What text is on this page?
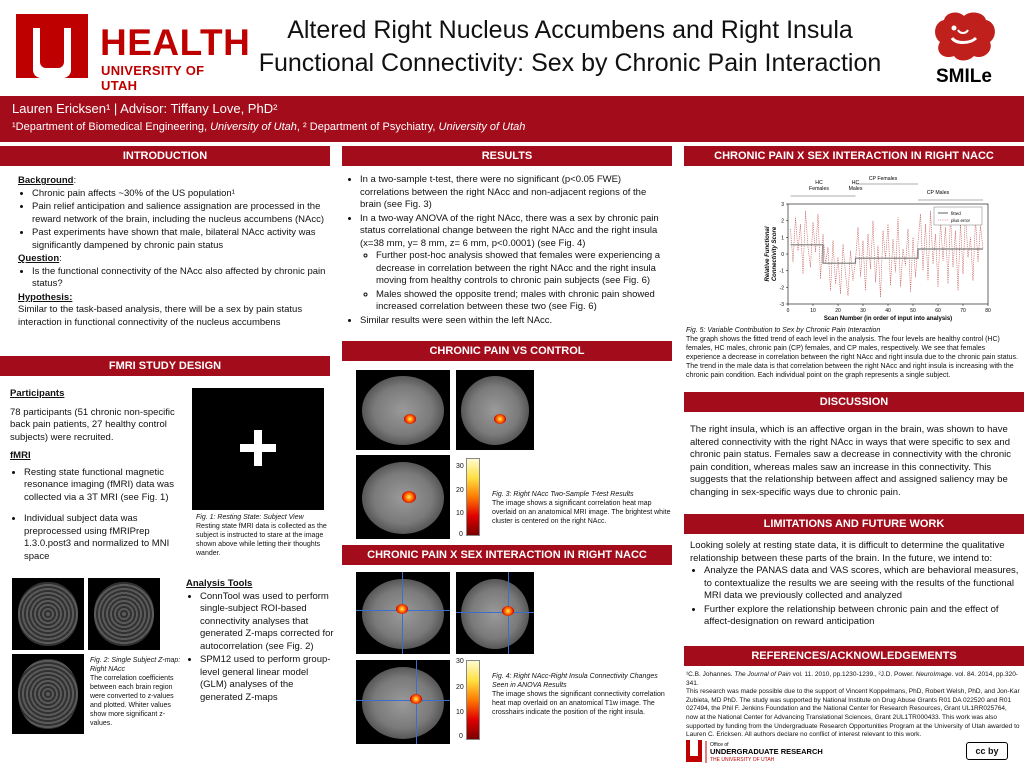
HEALTH
UNIVERSITY OF UTAH
Altered Right Nucleus Accumbens and Right Insula
Functional Connectivity: Sex by Chronic Pain Interaction	SMILe
Lauren Ericksen¹ | Advisor: Tiffany Love, PhD²
¹Department of Biomedical Engineering, University of Utah, ² Department of Psychiatry, University of Utah
INTRODUCTION	RESULTS	CHRONIC PAIN X SEX INTERACTION IN RIGHT NACC
FMRI STUDY DESIGN
CHRONIC PAIN VS CONTROL
DISCUSSION
CHRONIC PAIN X SEX INTERACTION IN RIGHT NACC
LIMITATIONS AND FUTURE WORK
REFERENCES/ACKNOWLEDGEMENTS
Background:
• Chronic pain affects ~30% of the US population¹
• Pain relief anticipation and salience assignation are processed in the reward network of the brain, including the nucleus accumbens (NAcc)
• Past experiments have shown that male, bilateral NAcc activity was significantly dampened by chronic pain status
Question:
• Is the functional connectivity of the NAcc also affected by chronic pain status?
Hypothesis:
Similar to the task-based analysis, there will be a sex by pain status interaction in functional connectivity of the nucleus accumbens
• In a two-sample t-test, there were no significant (p<0.05 FWE) correlations between the right NAcc and non-adjacent regions of the brain (see Fig. 3)
• In a two-way ANOVA of the right NAcc, there was a sex by chronic pain status correlational change between the right NAcc and the right insula (x=38 mm, y= 8 mm, z= 6 mm, p<0.0001) (see Fig. 4)
◦ Further post-hoc analysis showed that females were experiencing a decrease in correlation between the right NAcc and the right insula moving from healthy controls to chronic pain subjects (see Fig. 6)
◦ Males showed the opposite trend; males with chronic pain showed increased correlation between these two (see Fig. 6)
• Similar results were seen within the left NAcc.
Participants
78 participants (51 chronic non-specific back pain patients, 27 healthy control subjects) were recruited.
fMRI
• Resting state functional magnetic resonance imaging (fMRI) data was collected via a 3T MRI (see Fig. 1)
• Individual subject data was preprocessed using fMRIPrep 1.3.0.post3 and normalized to MNI space
Fig. 1: Resting State: Subject View
Resting state fMRI data is collected as the subject is instructed to stare at the image shown above while letting their thoughts wander.
Fig. 2: Single Subject Z-map: Right NAcc
The correlation coefficients between each brain region were converted to z-values and plotted. Whiter values show more significant z-values.
Analysis Tools
• ConnTool was used to perform single-subject ROI-based connectivity analyses that generated Z-maps corrected for autocorrelation (see Fig. 2)
• SPM12 used to perform group-level general linear model (GLM) analyses of the generated Z-maps
30
20
10
0
Fig. 3: Right NAcc Two-Sample T-test Results
The image shows a significant correlation heat map overlaid on an anatomical MRI image. The brightest white cluster is centered on the right NAcc.
30
20
10
0
Fig. 4: Right NAcc-Right Insula Connectivity Changes Seen in ANOVA Results
The image shows the significant connectivity correlation heat map overlaid on an anatomical T1w image. The crosshairs indicate the position of the right insula.
0	10	20	30	40	50	60	70	80
-3
-2
-1
0
1
2
3
Scan Number (in order of input into analysis)
Relative FunctionalConnectivity Score
HC Females
HC Males
CP Females
CP Males
fitted
plus error
Fig. 5: Variable Contribution to Sex by Chronic Pain Interaction
The graph shows the fitted trend of each level in the analysis. The four levels are healthy control (HC) females, HC males, chronic pain (CP) females, and CP males, respectively. We see that females experience a decrease in correlation between the right NAcc and right insula due to the chronic pain status. The trend in the male data is that correlation between the right NAcc and right insula is increasing with the chronic pain condition. Each individual point on the graph represents a single subject.
The right insula, which is an affective organ in the brain, was shown to have altered connectivity with the right NAcc in ways that were specific to sex and chronic pain status. Females saw a decrease in connectivity with the chronic pain condition, whereas males saw an increase in this connectivity. This suggests that the relationship between affect and assigned saliency may be changing in sex-specific ways due to chronic pain.
Looking solely at resting state data, it is difficult to determine the qualitative relationship between these parts of the brain. In the future, we intend to:
• Analyze the PANAS data and VAS scores, which are behavioral measures, to contextualize the results we are seeing with the results of the functional MRI data we previously collected and analyzed
• Further explore the relationship between chronic pain and the effect of affect-designation on reward anticipation
¹C.B. Johannes. The Journal of Pain vol. 11. 2010, pp.1230-1239., ²J.D. Power. NeuroImage. vol. 84. 2014, pp.320-341.
This research was made possible due to the support of Vincent Koppelmans, PhD, Robert Welsh, PhD, and Jon-Kar Zubieta, MD PhD. The study was supported by National Institute on Drug Abuse Grants R01 DA 022520 and R01 027494, the Phil F. Jenkins Foundation and the National Center for Research Resources, Grant UL1RR025764, now at the National Center for Advancing Translational Sciences, Grant 2UL1TR000433. This work was also supported by funding from the Undergraduate Research Opportunities Program at the University of Utah awarded to Lauren C. Ericksen. All authors declare no conflict of interest relevant to this work.
Office of
UNDERGRADUATE RESEARCH
THE UNIVERSITY OF UTAH
cc by
